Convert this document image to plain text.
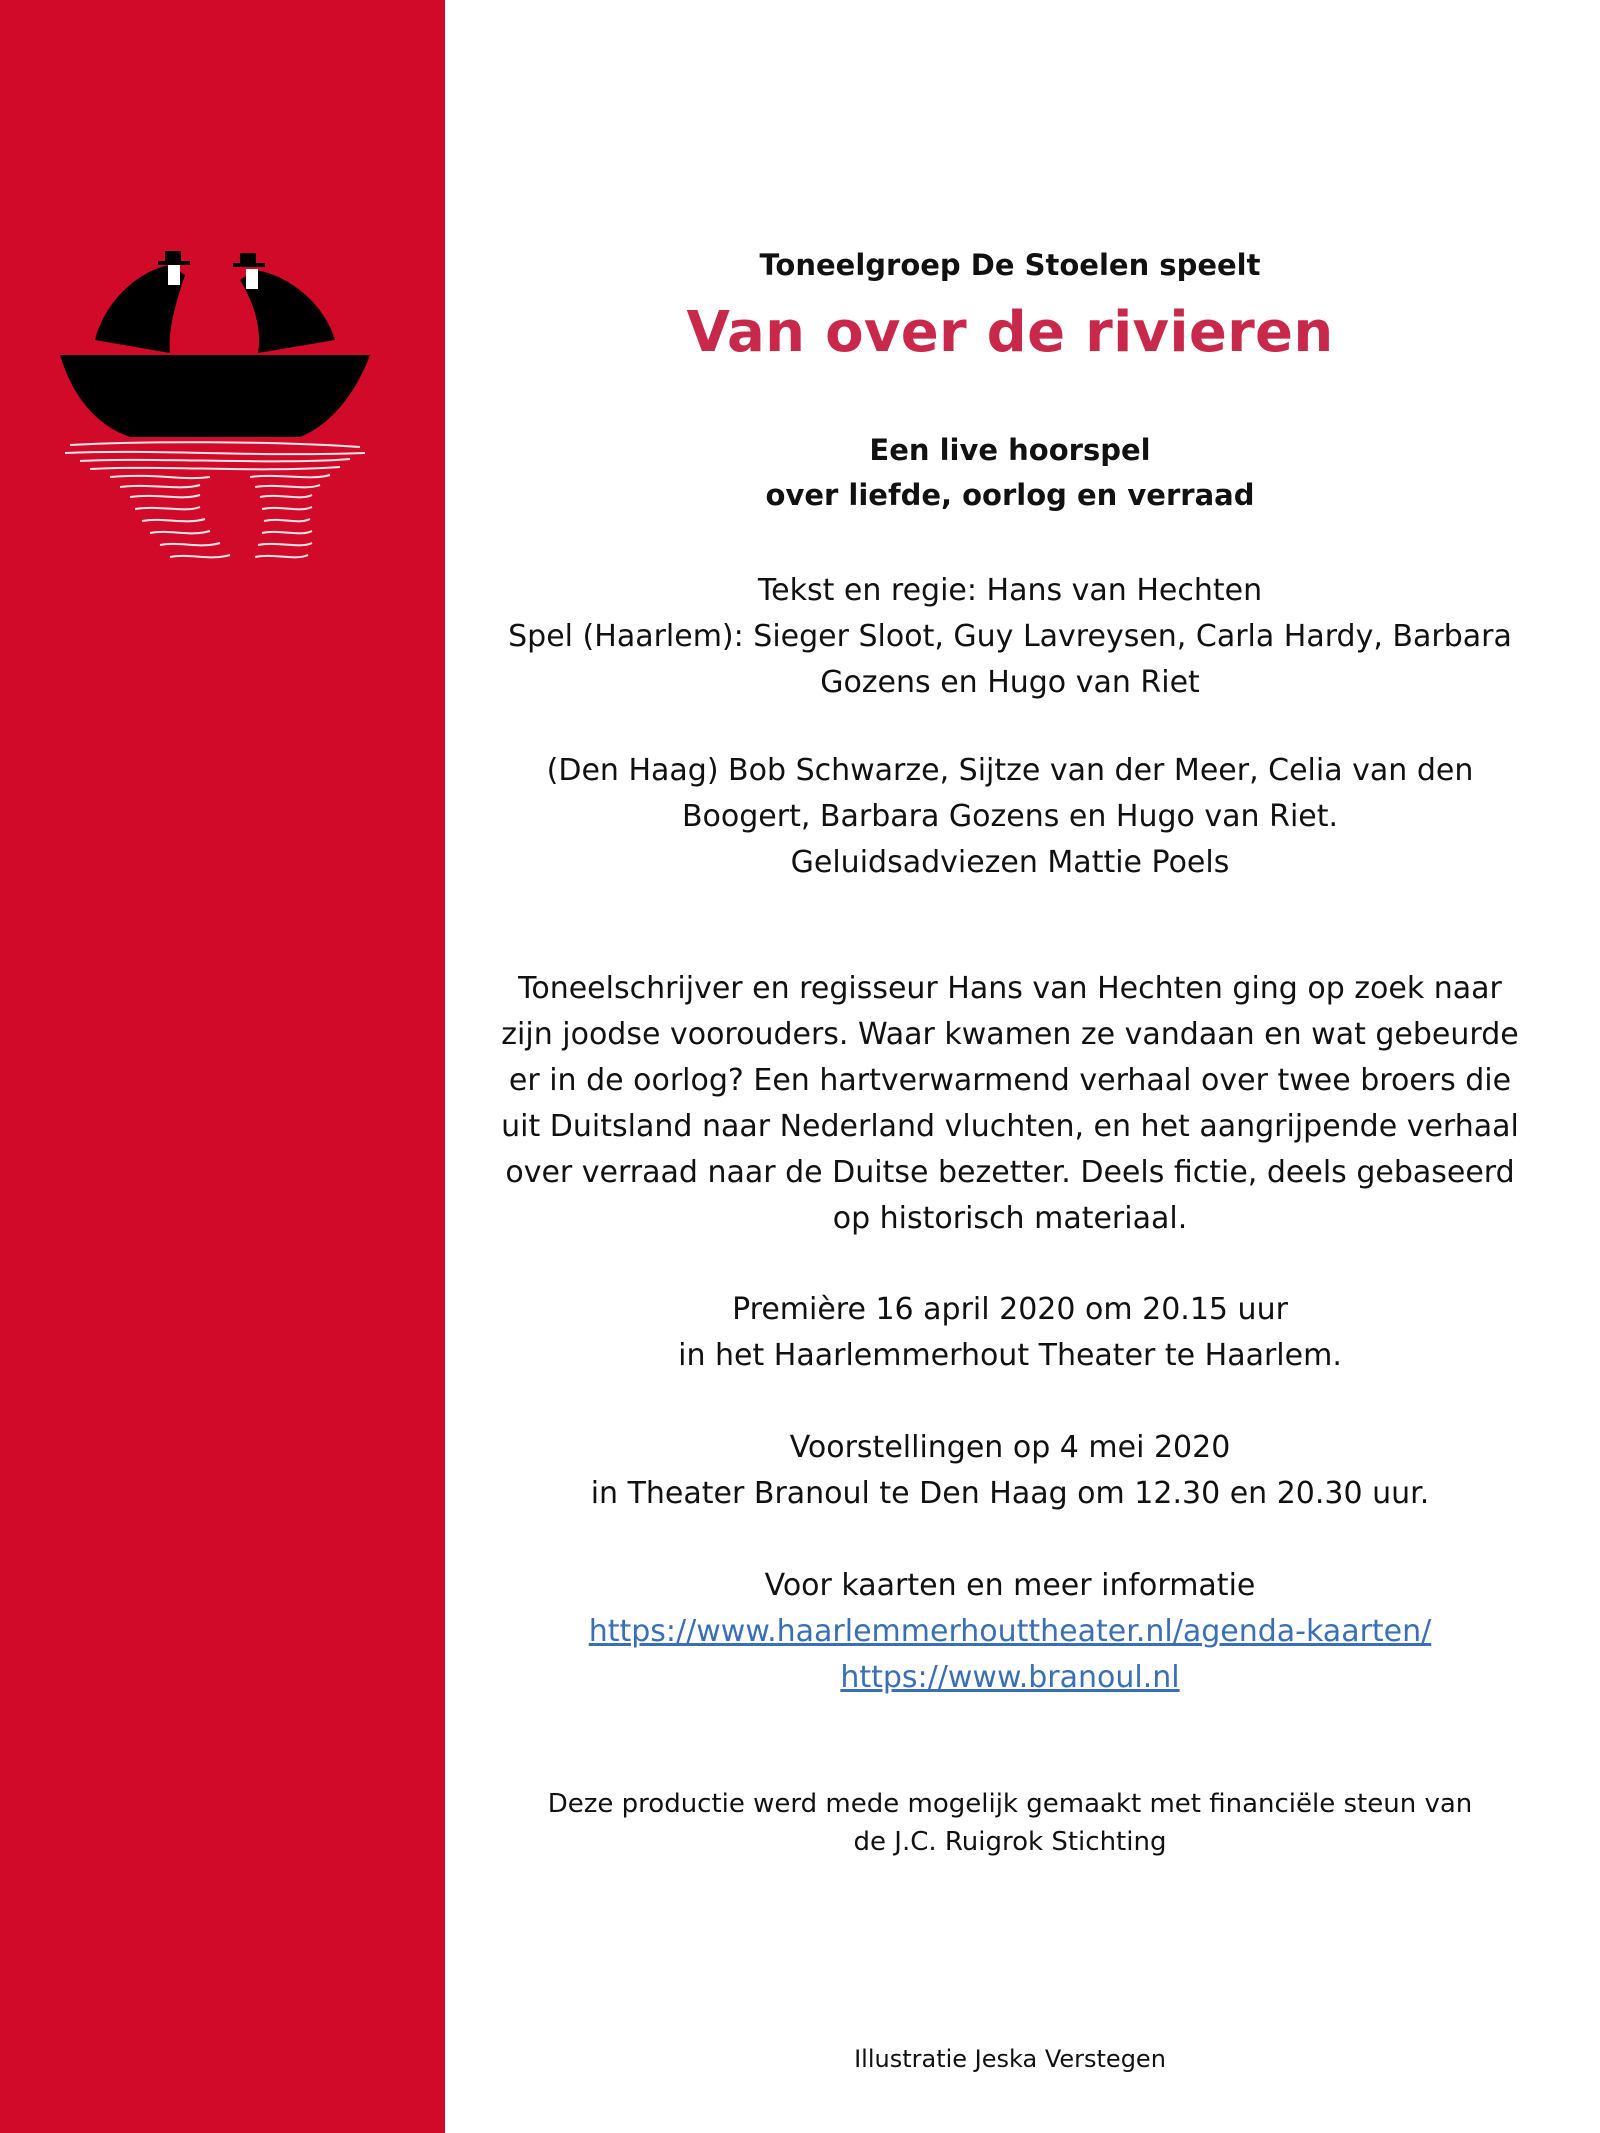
Toneelgroep De Stoelen speelt
Van over de rivieren
Een live hoorspel
over liefde, oorlog en verraad
Tekst en regie: Hans van Hechten
Spel (Haarlem): Sieger Sloot, Guy Lavreysen, Carla Hardy, Barbara
Gozens en Hugo van Riet
(Den Haag) Bob Schwarze, Sijtze van der Meer, Celia van den
Boogert, Barbara Gozens en Hugo van Riet.
Geluidsadviezen Mattie Poels
Toneelschrijver en regisseur Hans van Hechten ging op zoek naar
zijn joodse voorouders. Waar kwamen ze vandaan en wat gebeurde
er in de oorlog? Een hartverwarmend verhaal over twee broers die
uit Duitsland naar Nederland vluchten, en het aangrijpende verhaal
over verraad naar de Duitse bezetter. Deels fictie, deels gebaseerd
op historisch materiaal.
Première 16 april 2020 om 20.15 uur
in het Haarlemmerhout Theater te Haarlem.
Voorstellingen op 4 mei 2020
in Theater Branoul te Den Haag om 12.30 en 20.30 uur.
Voor kaarten en meer informatie
https://www.haarlemmerhouttheater.nl/agenda-kaarten/
https://www.branoul.nl
Deze productie werd mede mogelijk gemaakt met financiële steun van
de J.C. Ruigrok Stichting
Illustratie Jeska Verstegen
